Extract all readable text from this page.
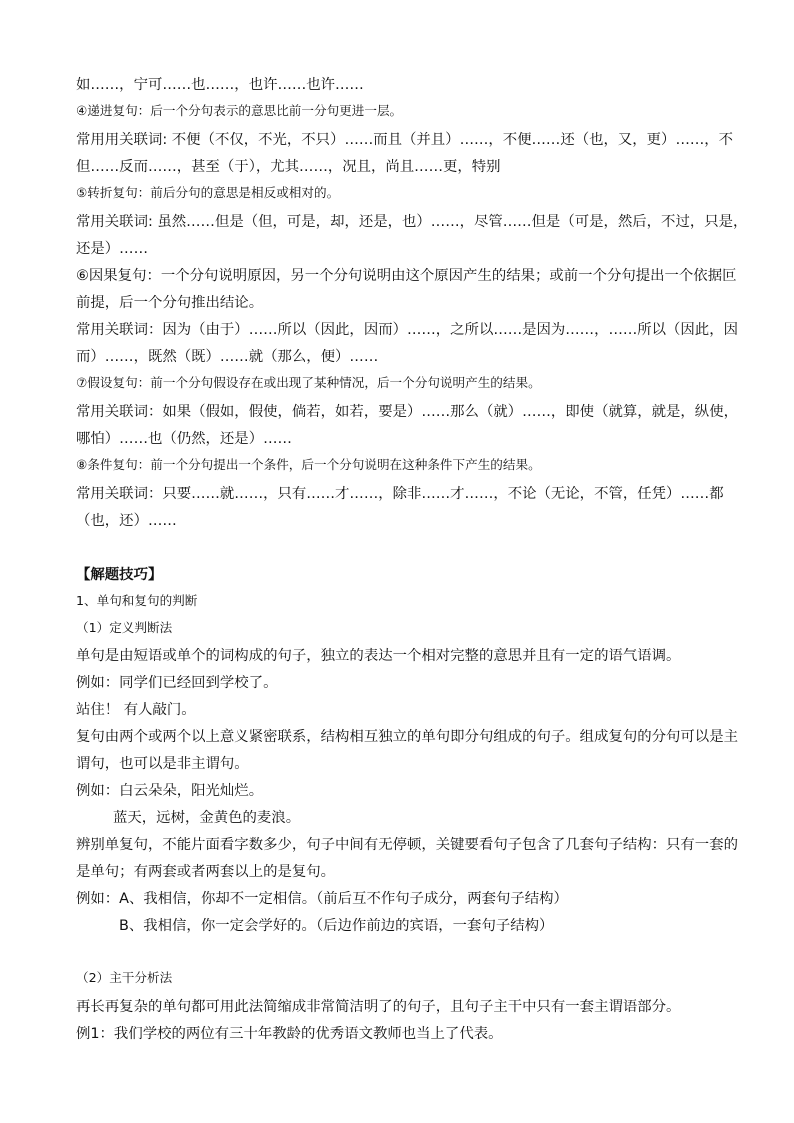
如……，宁可……也……，也许……也许……
④递进复句：后一个分句表示的意思比前一分句更进一层。
常用用关联词: 不便（不仅，不光，不只）……而且（并且）……，不便……还（也，又，更）……，不
但……反而……，甚至（于），尤其……，况且，尚且……更，特别
⑤转折复句：前后分句的意思是相反或相对的。
常用关联词: 虽然……但是（但，可是，却，还是，也）……，尽管……但是（可是，然后，不过，只是，
还是）……
⑥因果复句：一个分句说明原因，另一个分句说明由这个原因产生的结果；或前一个分句提出一个依据叵
前提，后一个分句推出结论。
常用关联词：因为（由于）……所以（因此，因而）……，之所以……是因为……，……所以（因此，因
而）……，既然（既）……就（那么，便）……
⑦假设复句：前一个分句假设存在或出现了某种情况，后一个分句说明产生的结果。
常用关联词：如果（假如，假使，倘若，如若，要是）……那么（就）……，即使（就算，就是，纵使，
哪怕）……也（仍然，还是）……
⑧条件复句：前一个分句提出一个条件，后一个分句说明在这种条件下产生的结果。
常用关联词：只要……就……，只有……才……，除非……才……，不论（无论，不管，任凭）……都
（也，还）……
【解题技巧】
1、单句和复句的判断
（1）定义判断法
单句是由短语或单个的词构成的句子，独立的表达一个相对完整的意思并且有一定的语气语调。
例如：同学们已经回到学校了。
站住！ 有人敲门。
复句由两个或两个以上意义紧密联系，结构相互独立的单句即分句组成的句子。组成复句的分句可以是主
谓句，也可以是非主谓句。
例如：白云朵朵，阳光灿烂。
蓝天，远树，金黄色的麦浪。
辨别单复句，不能片面看字数多少，句子中间有无停顿，关键要看句子包含了几套句子结构：只有一套的
是单句；有两套或者两套以上的是复句。
例如：A、我相信，你却不一定相信。（前后互不作句子成分，两套句子结构）
B、我相信，你一定会学好的。（后边作前边的宾语，一套句子结构）
（2）主干分析法
再长再复杂的单句都可用此法简缩成非常简洁明了的句子，且句子主干中只有一套主谓语部分。
例1：我们学校的两位有三十年教龄的优秀语文教师也当上了代表。
